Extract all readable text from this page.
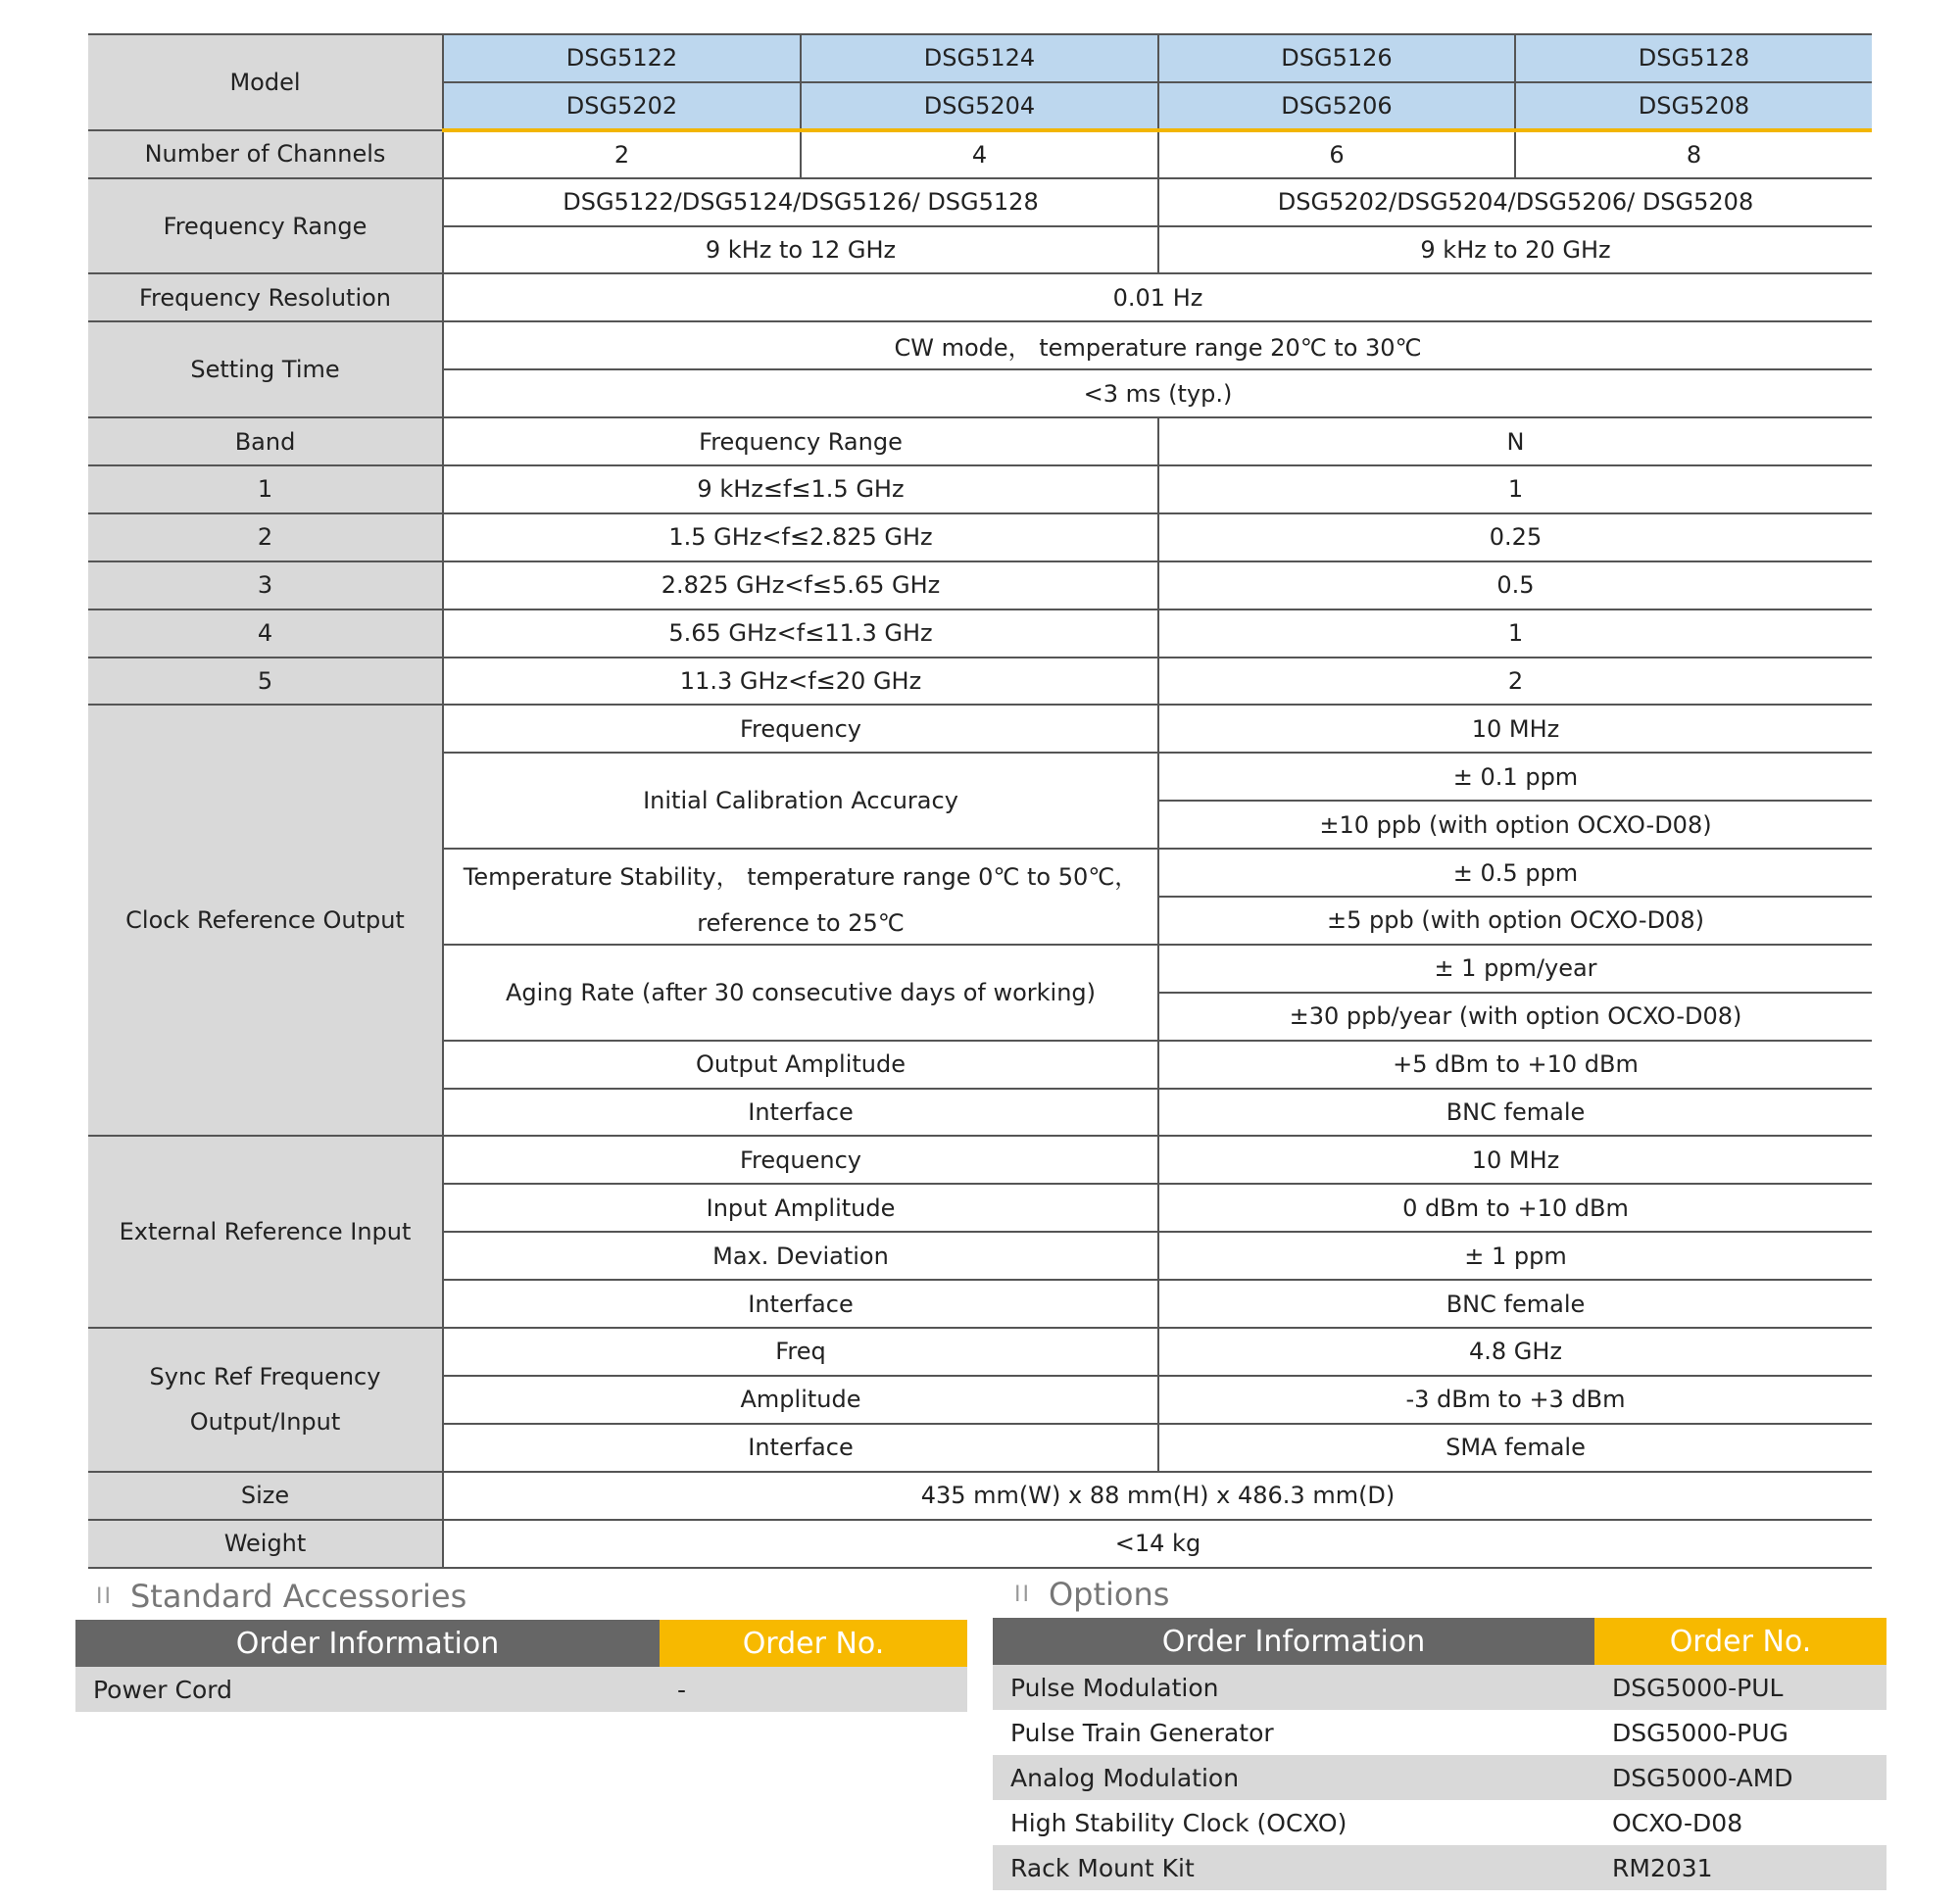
Model	DSG5122	DSG5124	DSG5126	DSG5128
	DSG5202	DSG5204	DSG5206	DSG5208
Number of Channels	2	4	6	8
Frequency Range	DSG5122/DSG5124/DSG5126/ DSG5128		DSG5202/DSG5204/DSG5206/ DSG5208	
	9 kHz to 12 GHz		9 kHz to 20 GHz	
Frequency Resolution	0.01 Hz			
Setting Time	CW mode， temperature range 20℃ to 30℃			
	<3 ms (typ.)			
Band	Frequency Range		N	
1	9 kHz≤f≤1.5 GHz		1	
2	1.5 GHz<f≤2.825 GHz		0.25	
3	2.825 GHz<f≤5.65 GHz		0.5	
4	5.65 GHz<f≤11.3 GHz		1	
5	11.3 GHz<f≤20 GHz		2	
Clock Reference Output	Frequency		10 MHz	
	Initial Calibration Accuracy		± 0.1 ppm	
			±10 ppb (with option OCXO-D08)	

	Temperature Stability， temperature range 0℃ to 50℃，
reference to 25℃		± 0.5 ppm	
			±5 ppb (with option OCXO-D08)	
	Aging Rate (after 30 consecutive days of working)		± 1 ppm/year	
			±30 ppb/year (with option OCXO-D08)	
	Output Amplitude		+5 dBm to +10 dBm	
	Interface		BNC female	
External Reference Input	Frequency		10 MHz	
	Input Amplitude		0 dBm to +10 dBm	
	Max. Deviation		± 1 ppm	
	Interface		BNC female	

Sync Ref Frequency
Output/Input	Freq		4.8 GHz	
	Amplitude		-3 dBm to +3 dBm	
	Interface		SMA female	
Size	435 mm(W) x 88 mm(H) x 486.3 mm(D)			
Weight	<14 kg			
II Standard Accessories
Order Information	Order No.
Power Cord	-
II Options
Order Information	Order No.
Pulse Modulation	DSG5000-PUL
Pulse Train Generator	DSG5000-PUG
Analog Modulation	DSG5000-AMD
High Stability Clock (OCXO)	OCXO-D08
Rack Mount Kit	RM2031
